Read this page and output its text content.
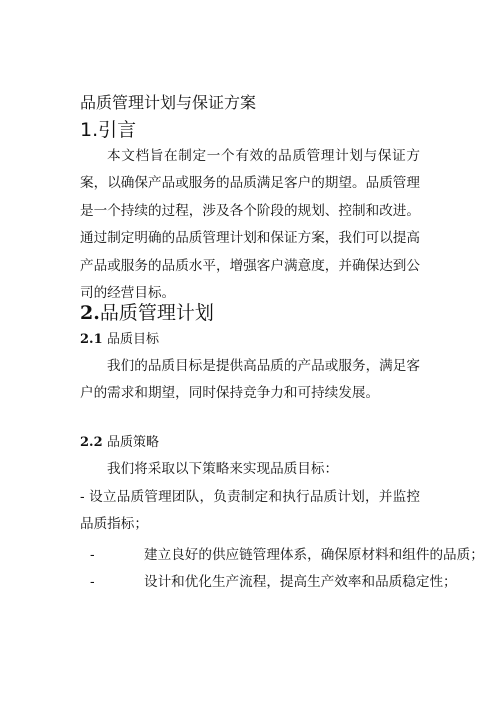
品质管理计划与保证方案
1.引言

本文档旨在制定一个有效的品质管理计划与保证方案，以确保产品或服务的品质满足客户的期望。品质管理是一个持续的过程，涉及各个阶段的规划、控制和改进。通过制定明确的品质管理计划和保证方案，我们可以提高产品或服务的品质水平，增强客户满意度，并确保达到公司的经营目标。

2.品质管理计划
2.1 品质目标

我们的品质目标是提供高品质的产品或服务，满足客户的需求和期望，同时保持竞争力和可持续发展。

2.2 品质策略

我们将采取以下策略来实现品质目标：

- 设立品质管理团队，负责制定和执行品质计划，并监控品质指标；

-	建立良好的供应链管理体系，确保原材料和组件的品质；

-	设计和优化生产流程，提高生产效率和品质稳定性；
